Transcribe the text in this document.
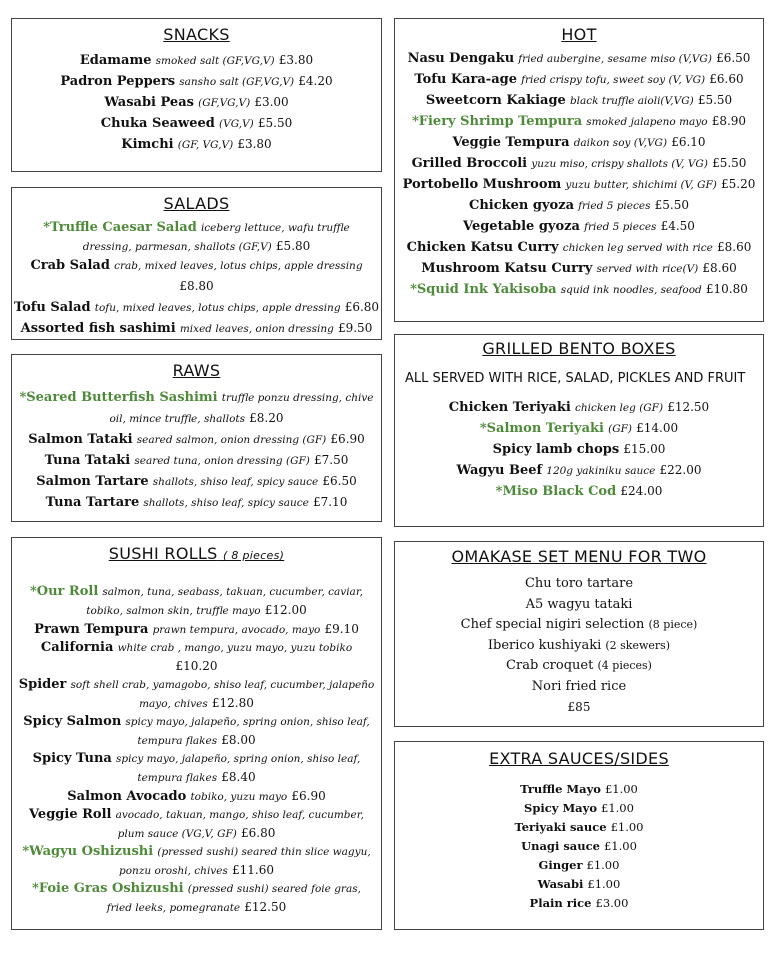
SNACKS
Edamame smoked salt (GF,VG,V) £3.80
Padron Peppers sansho salt (GF,VG,V) £4.20
Wasabi Peas (GF,VG,V) £3.00
Chuka Seaweed (VG,V) £5.50
Kimchi (GF, VG,V) £3.80
SALADS
*Truffle Caesar Salad iceberg lettuce, wafu truffle dressing, parmesan, shallots (GF,V) £5.80
Crab Salad crab, mixed leaves, lotus chips, apple dressing £8.80
Tofu Salad tofu, mixed leaves, lotus chips, apple dressing £6.80
Assorted fish sashimi mixed leaves, onion dressing £9.50
RAWS
*Seared Butterfish Sashimi truffle ponzu dressing, chive oil, mince truffle, shallots £8.20
Salmon Tataki seared salmon, onion dressing (GF) £6.90
Tuna Tataki seared tuna, onion dressing (GF) £7.50
Salmon Tartare shallots, shiso leaf, spicy sauce £6.50
Tuna Tartare shallots, shiso leaf, spicy sauce £7.10
SUSHI ROLLS ( 8 pieces)
*Our Roll salmon, tuna, seabass, takuan, cucumber, caviar, tobiko, salmon skin, truffle mayo £12.00
Prawn Tempura prawn tempura, avocado, mayo £9.10
California white crab , mango, yuzu mayo, yuzu tobiko £10.20
Spider soft shell crab, yamagobo, shiso leaf, cucumber, jalapeño mayo, chives £12.80
Spicy Salmon spicy mayo, jalapeño, spring onion, shiso leaf, tempura flakes £8.00
Spicy Tuna spicy mayo, jalapeño, spring onion, shiso leaf, tempura flakes £8.40
Salmon Avocado tobiko, yuzu mayo £6.90
Veggie Roll avocado, takuan, mango, shiso leaf, cucumber, plum sauce (VG,V, GF) £6.80
*Wagyu Oshizushi (pressed sushi) seared thin slice wagyu, ponzu oroshi, chives £11.60
*Foie Gras Oshizushi (pressed sushi) seared foie gras, fried leeks, pomegranate £12.50
HOT
Nasu Dengaku fried aubergine, sesame miso (V,VG) £6.50
Tofu Kara-age fried crispy tofu, sweet soy (V, VG) £6.60
Sweetcorn Kakiage black truffle aioli(V,VG) £5.50
*Fiery Shrimp Tempura smoked jalapeno mayo £8.90
Veggie Tempura daikon soy (V,VG) £6.10
Grilled Broccoli yuzu miso, crispy shallots (V, VG) £5.50
Portobello Mushroom yuzu butter, shichimi (V, GF) £5.20
Chicken gyoza fried 5 pieces £5.50
Vegetable gyoza fried 5 pieces £4.50
Chicken Katsu Curry chicken leg served with rice £8.60
Mushroom Katsu Curry served with rice(V) £8.60
*Squid Ink Yakisoba squid ink noodles, seafood £10.80
GRILLED BENTO BOXES
ALL SERVED WITH RICE, SALAD, PICKLES AND FRUIT
Chicken Teriyaki chicken leg (GF) £12.50
*Salmon Teriyaki (GF) £14.00
Spicy lamb chops £15.00
Wagyu Beef 120g yakiniku sauce £22.00
*Miso Black Cod £24.00
OMAKASE SET MENU FOR TWO
Chu toro tartare
A5 wagyu tataki
Chef special nigiri selection (8 piece)
Iberico kushiyaki (2 skewers)
Crab croquet (4 pieces)
Nori fried rice
£85
EXTRA SAUCES/SIDES
Truffle Mayo £1.00
Spicy Mayo £1.00
Teriyaki sauce £1.00
Unagi sauce £1.00
Ginger £1.00
Wasabi £1.00
Plain rice £3.00
